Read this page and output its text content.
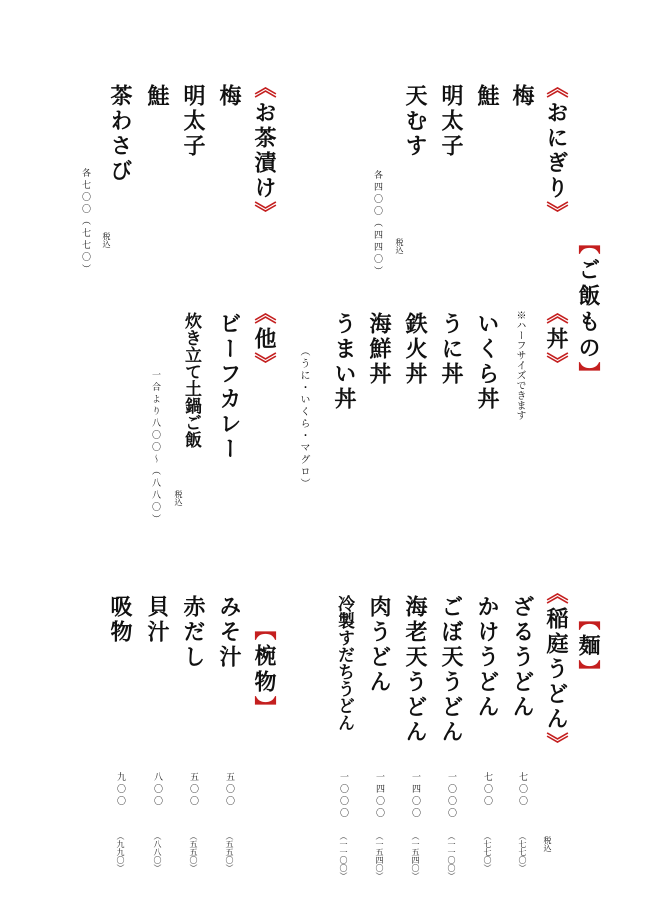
【ご飯もの】
《おにぎり》
梅
鮭
明太子
天むす
税込
各四〇〇（四四〇）
《お茶漬け》
梅
明太子
鮭
茶わさび
税込
各七〇〇（七七〇）
《丼》
※ハーフサイズできます
いくら丼
うに丼
鉄火丼
海鮮丼
うまい丼
（うに・いくら・マグロ）
《他》
ビーフカレー
炊き立て土鍋ご飯
税込
一合より八〇〇〜（八八〇）
【麺】
税込
《稲庭うどん》
ざるうどん
七〇〇
（七七〇）
かけうどん
七〇〇
（七七〇）
ごぼ天うどん
一〇〇〇
（一一〇〇）
海老天うどん
一四〇〇
（一五四〇）
肉うどん
一四〇〇
（一五四〇）
冷製すだちうどん
一〇〇〇
（一一〇〇）
【椀物】
みそ汁
五〇〇
（五五〇）
赤だし
五〇〇
（五五〇）
貝汁
八〇〇
（八八〇）
吸物
九〇〇
（九九〇）
